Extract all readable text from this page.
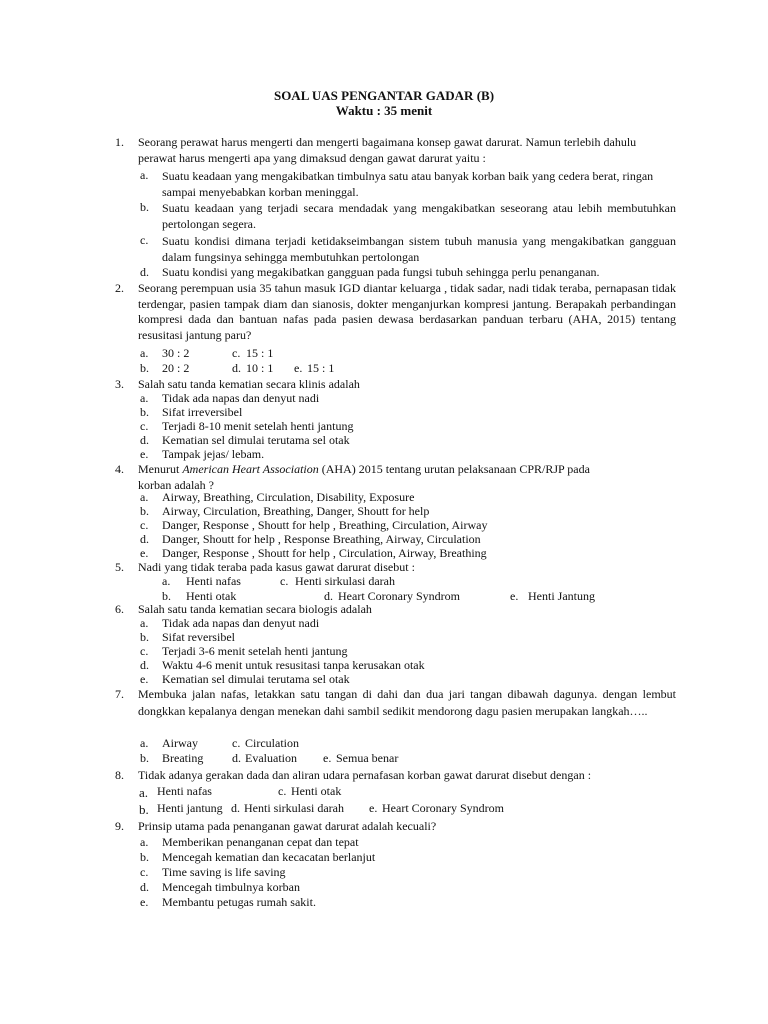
SOAL UAS PENGANTAR GADAR (B)
Waktu : 35 menit
1. Seorang perawat harus mengerti dan mengerti bagaimana konsep gawat darurat. Namun terlebih dahulu perawat harus mengerti apa yang dimaksud dengan gawat darurat yaitu :
a. Suatu keadaan yang mengakibatkan timbulnya satu atau banyak korban baik yang cedera berat, ringan sampai menyebabkan korban meninggal.
b. Suatu keadaan yang terjadi secara mendadak yang mengakibatkan seseorang atau lebih membutuhkan pertolongan segera.
c. Suatu kondisi dimana terjadi ketidakseimbangan sistem tubuh manusia yang mengakibatkan gangguan dalam fungsinya sehingga membutuhkan pertolongan
d. Suatu kondisi yang megakibatkan gangguan pada fungsi tubuh sehingga perlu penanganan.
2. Seorang perempuan usia 35 tahun masuk IGD diantar keluarga , tidak sadar, nadi tidak teraba, pernapasan tidak terdengar, pasien tampak diam dan sianosis, dokter menganjurkan kompresi jantung. Berapakah perbandingan kompresi dada dan bantuan nafas pada pasien dewasa berdasarkan panduan terbaru (AHA, 2015) tentang resusitasi jantung paru?
a. 30 : 2	c. 15 : 1
b. 20 : 2	d. 10 : 1 e. 15 : 1
3. Salah satu tanda kematian secara klinis adalah
a. Tidak ada napas dan denyut nadi
b. Sifat irreversibel
c. Terjadi 8-10 menit setelah henti jantung
d. Kematian sel dimulai terutama sel otak
e. Tampak jejas/ lebam.
4. Menurut American Heart Association (AHA) 2015 tentang urutan pelaksanaan CPR/RJP pada
korban adalah ?
a. Airway, Breathing, Circulation, Disability, Exposure
b. Airway, Circulation, Breathing, Danger, Shoutt for help
c. Danger, Response , Shoutt for help , Breathing, Circulation, Airway
d. Danger, Shoutt for help , Response Breathing, Airway, Circulation
e. Danger, Response , Shoutt for help , Circulation, Airway, Breathing
5. Nadi yang tidak teraba pada kasus gawat darurat disebut :
a. Henti nafas	c. Henti sirkulasi darah
b. Henti otak	d. Heart Coronary Syndrom	e. Henti Jantung
6. Salah satu tanda kematian secara biologis adalah
a. Tidak ada napas dan denyut nadi
b. Sifat reversibel
c. Terjadi 3-6 menit setelah henti jantung
d. Waktu 4-6 menit untuk resusitasi tanpa kerusakan otak
e. Kematian sel dimulai terutama sel otak
7. Membuka jalan nafas, letakkan satu tangan di dahi dan dua jari tangan dibawah dagunya. dengan lembut dongkkan kepalanya dengan menekan dahi sambil sedikit mendorong dagu pasien merupakan langkah…..
a. Airway	c. Circulation
b. Breating d. Evaluation e. Semua benar
8. Tidak adanya gerakan dada dan aliran udara pernafasan korban gawat darurat disebut dengan :
a. Henti nafas	c. Henti otak
b. Henti jantung d. Henti sirkulasi darah e. Heart Coronary Syndrom
9. Prinsip utama pada penanganan gawat darurat adalah kecuali?
a. Memberikan penanganan cepat dan tepat
b. Mencegah kematian dan kecacatan berlanjut
c. Time saving is life saving
d. Mencegah timbulnya korban
e. Membantu petugas rumah sakit.
